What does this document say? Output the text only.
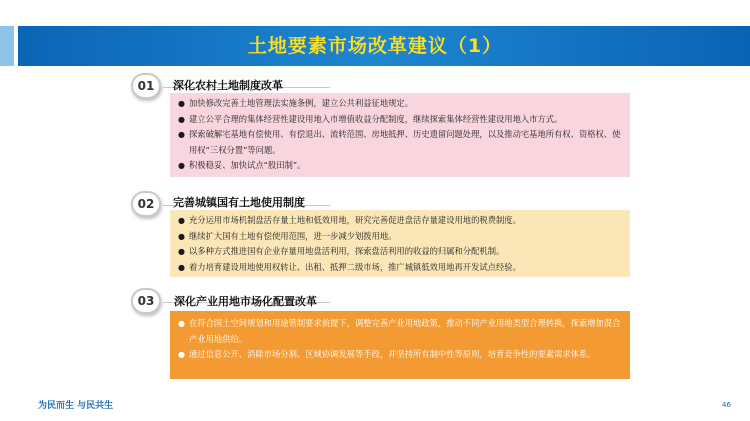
土地要素市场改革建议（1）
01	深化农村土地制度改革
● 加快修改完善土地管理法实施条例，建立公共利益征地规定。
● 建立公平合理的集体经营性建设用地入市增值收益分配制度，继续探索集体经营性建设用地入市方式。
● 探索破解宅基地有偿使用、有偿退出、流转范围、房地抵押、历史遗留问题处理，以及推动宅基地所有权、资格权、使用权“三权分置”等问题。
● 积极稳妥、加快试点“股田制”。
02	完善城镇国有土地使用制度
● 充分运用市场机制盘活存量土地和低效用地，研究完善促进盘活存量建设用地的税费制度。
● 继续扩大国有土地有偿使用范围，进一步减少划拨用地。
● 以多种方式推进国有企业存量用地盘活利用，探索盘活利用的收益的归属和分配机制。
● 着力培育建设用地使用权转让、出租、抵押二级市场，推广城镇低效用地再开发试点经验。
03	深化产业用地市场化配置改革
● 在符合国土空间规划和用途管制要求前提下，调整完善产业用地政策，推动不同产业用地类型合理转换，探索增加混合产业用地供给。
● 通过信息公开、消除市场分割、区域协调发展等手段，并坚持所有制中性等原则，培育竞争性的要素需求体系。
为民而生 与民共生	46
